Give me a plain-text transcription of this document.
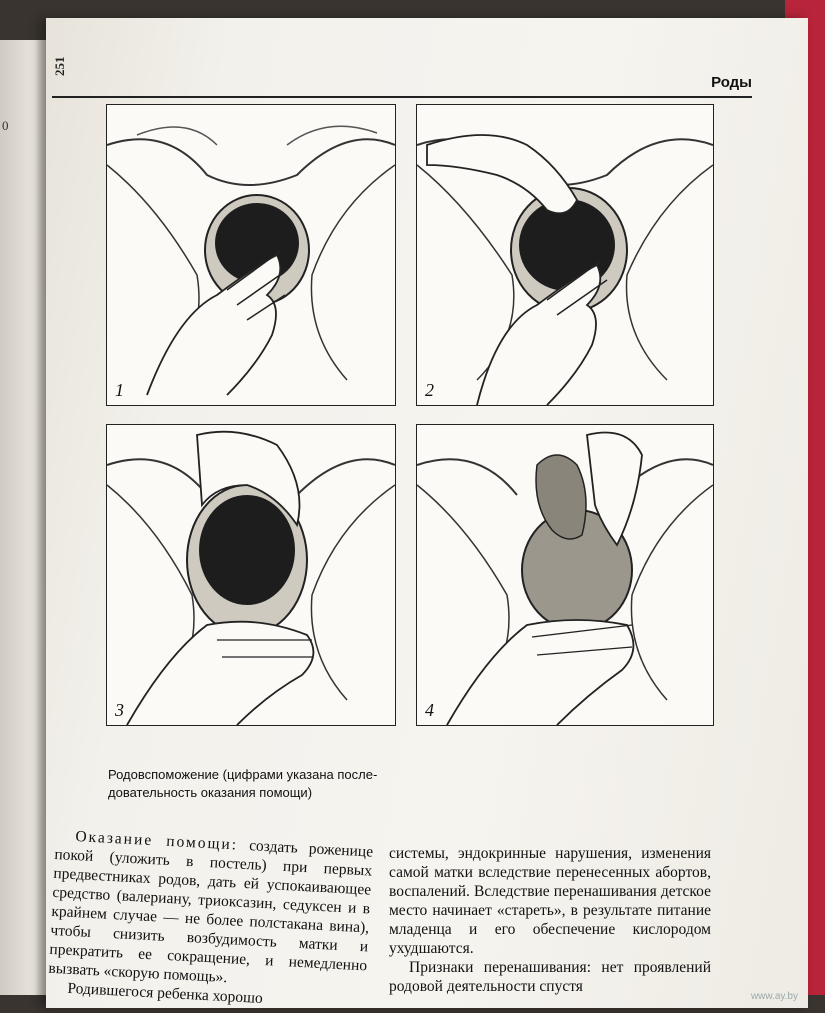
0
251
Роды
1	2
3	4
Родовспоможение (цифрами указана после-
довательность оказания помощи)

Оказание помощи: создать роженице покой (уложить в постель) при первых предвестниках родов, дать ей успокаивающее средство (валериану, триоксазин, седуксен и в крайнем случае — не более полстакана вина), чтобы снизить возбудимость матки и прекратить ее сокращение, и немедленно вызвать «скорую помощь».

Родившегося ребенка хорошо

системы, эндокринные нарушения, изменения самой матки вследствие перенесенных абортов, воспалений. Вследствие перенашивания детское место начинает «стареть», в результате питание младенца и его обеспечение кислородом ухудшаются.

Признаки перенашивания: нет проявлений родовой деятельности спустя

www.ay.by
